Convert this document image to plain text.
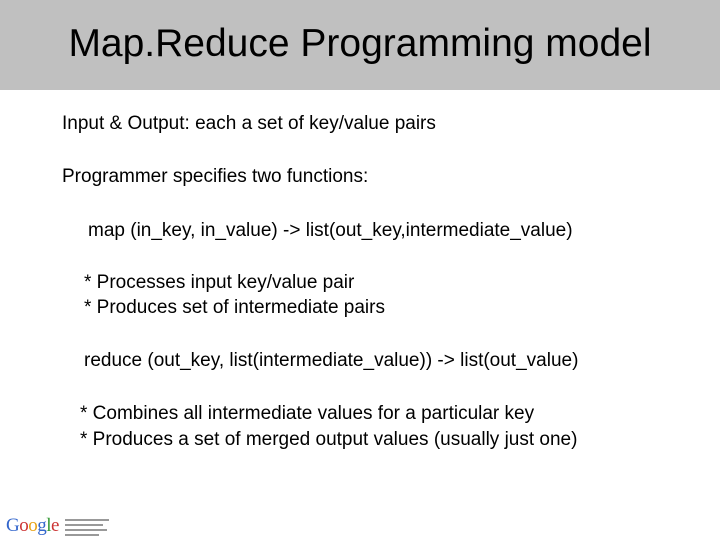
Map.Reduce Programming model
Input & Output: each a set of key/value pairs
Programmer specifies two functions:
map (in_key, in_value) -> list(out_key,intermediate_value)
* Processes input key/value pair
* Produces set of intermediate pairs
reduce (out_key, list(intermediate_value)) -> list(out_value)
* Combines all intermediate values for a particular key
* Produces a set of merged output values (usually just one)
Google
